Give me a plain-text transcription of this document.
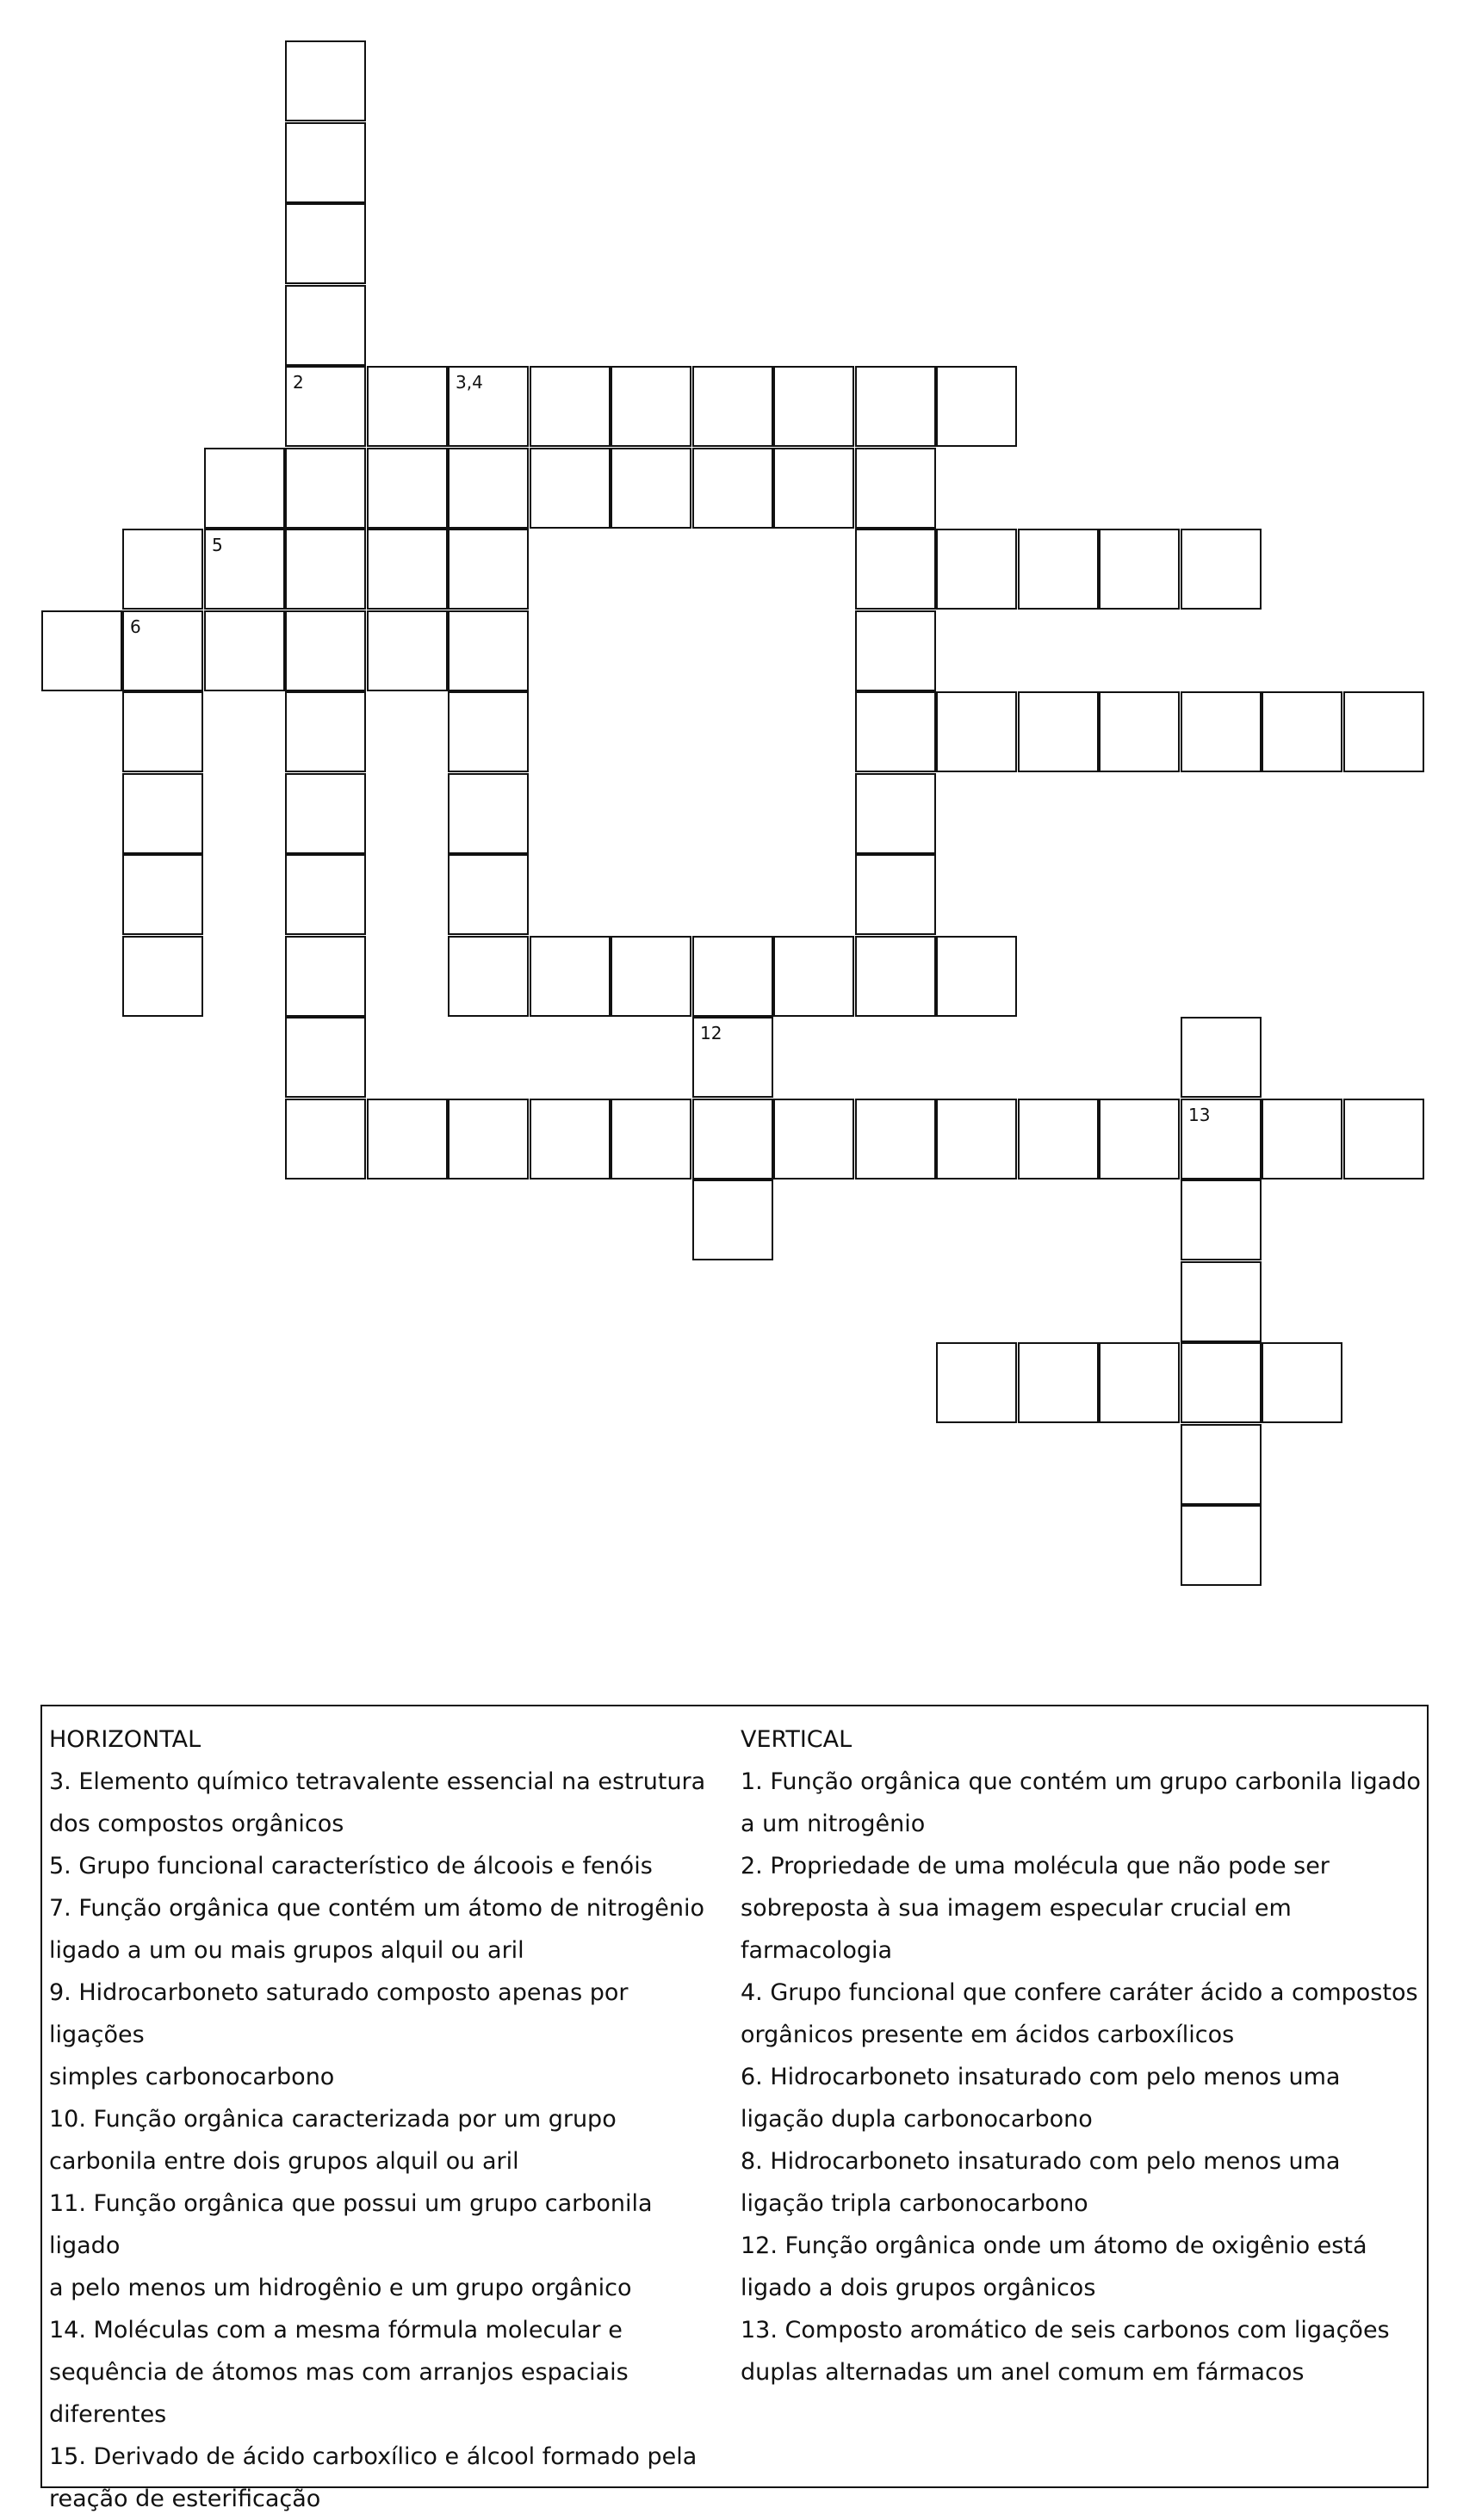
2	3,4
5
6
12
13

HORIZONTAL

3. Elemento químico tetravalente essencial na estrutura

dos compostos orgânicos

5. Grupo funcional característico de álcoois e fenóis

7. Função orgânica que contém um átomo de nitrogênio

ligado a um ou mais grupos alquil ou aril

9. Hidrocarboneto saturado composto apenas por ligações

simples carbonocarbono

10. Função orgânica caracterizada por um grupo

carbonila entre dois grupos alquil ou aril

11. Função orgânica que possui um grupo carbonila ligado

a pelo menos um hidrogênio e um grupo orgânico

14. Moléculas com a mesma fórmula molecular e

sequência de átomos mas com arranjos espaciais

diferentes

15. Derivado de ácido carboxílico e álcool formado pela

reação de esterificação

VERTICAL

1. Função orgânica que contém um grupo carbonila ligado

a um nitrogênio

2. Propriedade de uma molécula que não pode ser

sobreposta à sua imagem especular crucial em

farmacologia

4. Grupo funcional que confere caráter ácido a compostos

orgânicos presente em ácidos carboxílicos

6. Hidrocarboneto insaturado com pelo menos uma

ligação dupla carbonocarbono

8. Hidrocarboneto insaturado com pelo menos uma

ligação tripla carbonocarbono

12. Função orgânica onde um átomo de oxigênio está

ligado a dois grupos orgânicos

13. Composto aromático de seis carbonos com ligações

duplas alternadas um anel comum em fármacos
